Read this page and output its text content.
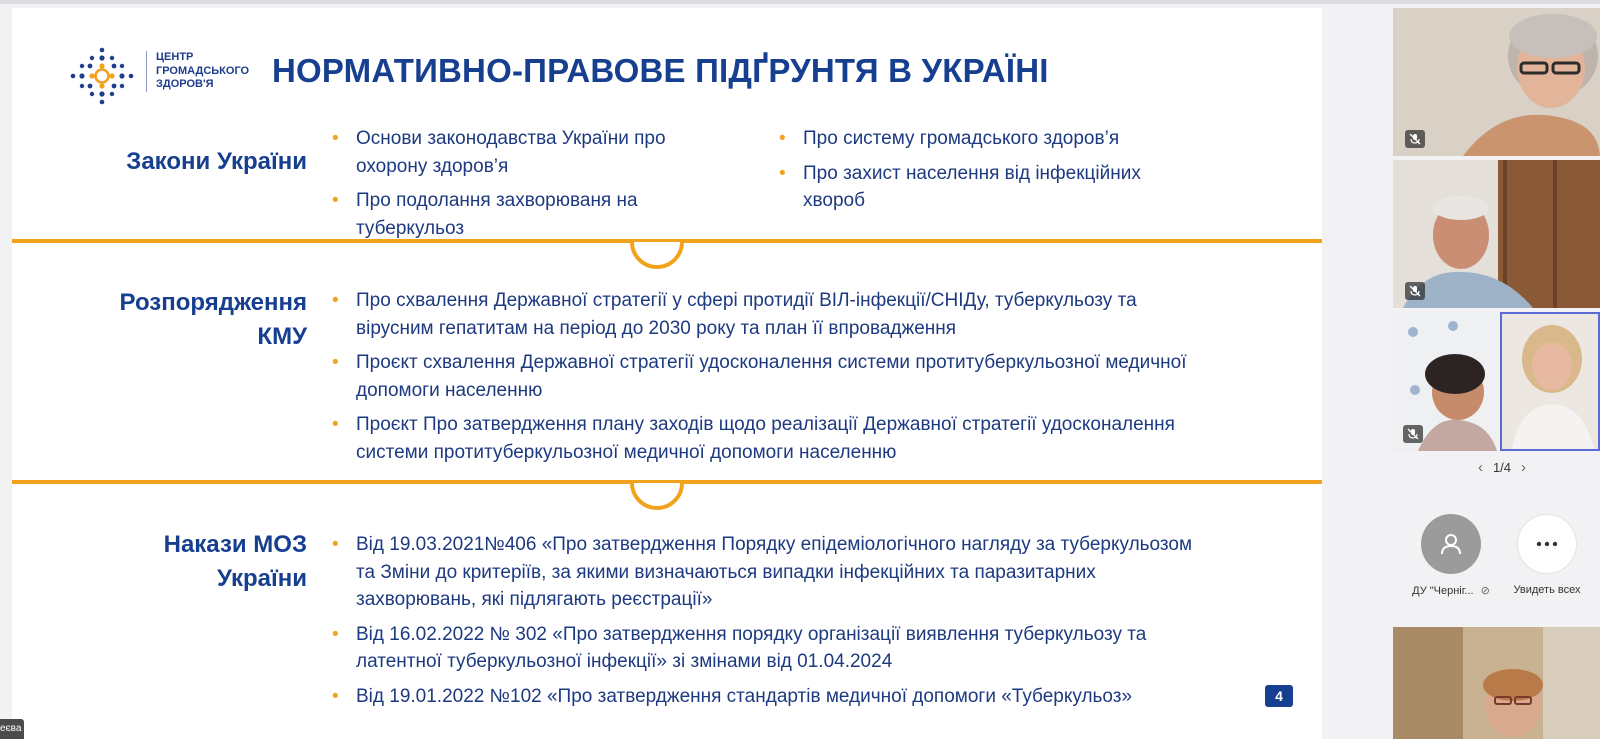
ЦЕНТР
ГРОМАДСЬКОГО
ЗДОРОВ'Я	НОРМАТИВНО-ПРАВОВЕ ПІДҐРУНТЯ В УКРАЇНІ
Закони України
• Основи законодавства України про охорону здоров’я
• Про подолання захворюваня на туберкульоз
• Про систему громадського здоров’я
• Про захист населення від інфекційних хвороб
Розпорядження
КМУ
• Про схвалення Державної стратегії у сфері протидії ВІЛ-інфекції/СНІДу, туберкульозу та вірусним гепатитам на період до 2030 року та план її впровадження
• Проєкт схвалення Державної стратегії удосконалення системи протитуберкульозної медичної допомоги населенню
• Проєкт Про затвердження плану заходів щодо реалізації Державної стратегії удосконалення системи протитуберкульозної медичної допомоги населенню
Накази МОЗ
України
• Від 19.03.2021№406 «Про затвердження Порядку епідеміологічного нагляду за туберкульозом та Зміни до критеріїв, за якими визначаються випадки інфекційних та паразитарних захворювань, які підлягають реєстрації»
• Від 16.02.2022 № 302 «Про затвердження порядку організації виявлення туберкульозу та латентної туберкульозної інфекції» зі змінами від 01.04.2024
• Від 19.01.2022 №102 «Про затвердження стандартів медичної допомоги «Туберкульоз»	4
еєва
‹ 1/4 ›
ДУ "Черніг... ⊘	Увидеть всех
